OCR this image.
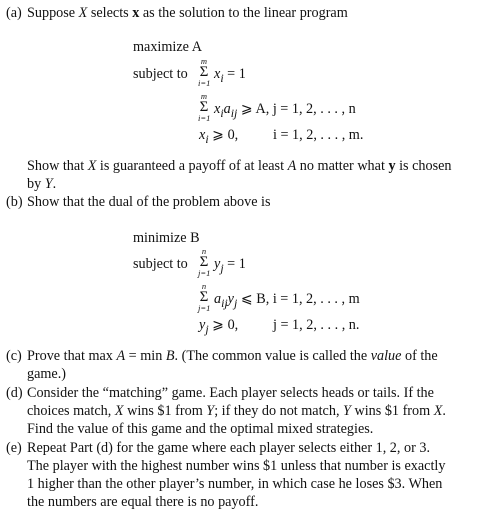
(a) Suppose X selects x as the solution to the linear program
maximize A
subject to
m
Σ
i=1
$x_i = 1$
m
Σ
i=1
$x_ia_{ij}$ ⩾ A, j = 1, 2, . . . , n
$x_i$ ⩾ 0, i = 1, 2, . . . , m.
Show that X is guaranteed a payoff of at least A no matter what y is chosen
by Y.
(b) Show that the dual of the problem above is
minimize B
subject to
n
Σ
j=1
$y_j = 1$
n
Σ
j=1
$a_{ij}y_j$ ⩽ B, i = 1, 2, . . . , m
$y_j$ ⩾ 0, j = 1, 2, . . . , n.
(c) Prove that max A = min B. (The common value is called the value of the
game.)
(d) Consider the “matching” game. Each player selects heads or tails. If the
choices match, X wins $1 from Y; if they do not match, Y wins $1 from X.
Find the value of this game and the optimal mixed strategies.
(e) Repeat Part (d) for the game where each player selects either 1, 2, or 3.
The player with the highest number wins $1 unless that number is exactly
1 higher than the other player’s number, in which case he loses $3. When
the numbers are equal there is no payoff.
